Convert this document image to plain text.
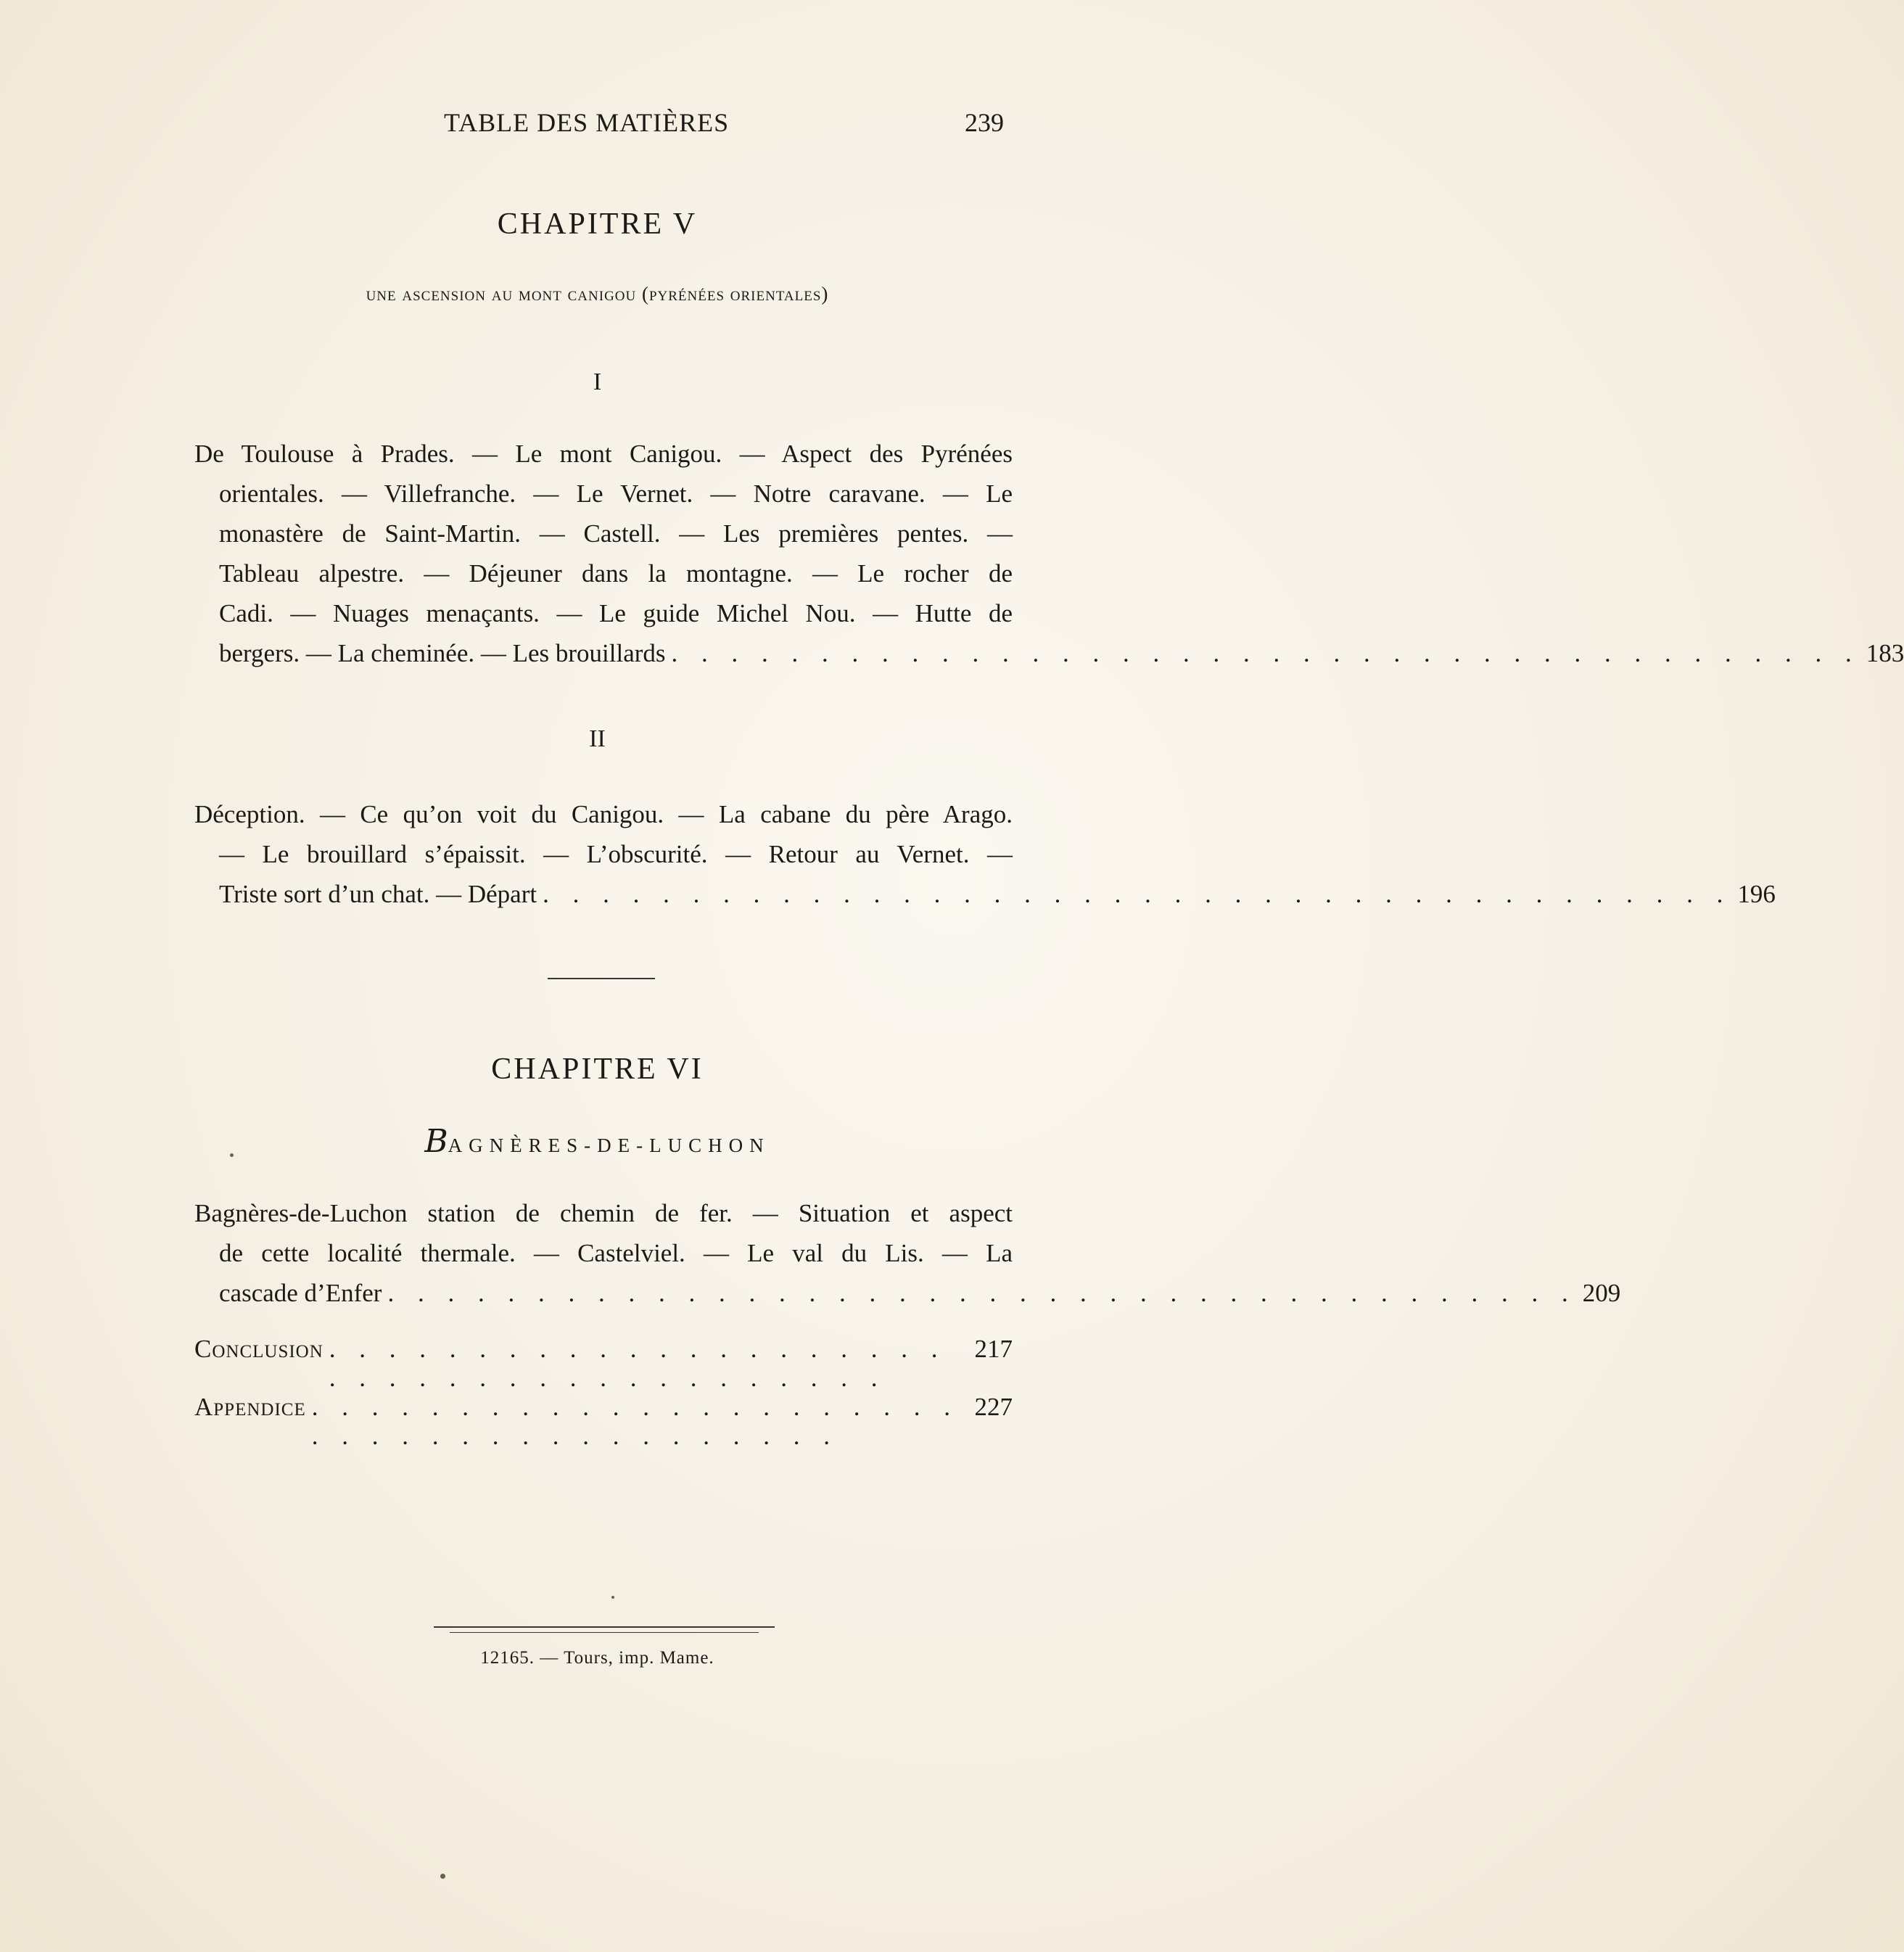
TABLE DES MATIÈRES	239
CHAPITRE V
une ascension au mont canigou (pyrénées orientales)
I
De Toulouse à Prades. — Le mont Canigou. — Aspect des Pyrénées
orientales. — Villefranche. — Le Vernet. — Notre caravane. — Le
monastère de Saint-Martin. — Castell. — Les premières pentes. —
Tableau alpestre. — Déjeuner dans la montagne. — Le rocher de
Cadi. — Nuages menaçants. — Le guide Michel Nou. — Hutte de
bergers. — La cheminée. — Les brouillards . . . . . . . . . . . . . . . . . . . . . . . . . . . . . . . . . . . . . . . . 183
II
Déception. — Ce qu’on voit du Canigou. — La cabane du père Arago.
— Le brouillard s’épaissit. — L’obscurité. — Retour au Vernet. —
Triste sort d’un chat. — Départ . . . . . . . . . . . . . . . . . . . . . . . . . . . . . . . . . . . . . . . . 196
CHAPITRE VI
BAGNÈRES-DE-LUCHON
Bagnères-de-Luchon station de chemin de fer. — Situation et aspect
de cette localité thermale. — Castelviel. — Le val du Lis. — La
cascade d’Enfer . . . . . . . . . . . . . . . . . . . . . . . . . . . . . . . . . . . . . . . . 209
Conclusion . . . . . . . . . . . . . . . . . . . . . . . . . . . . . . . . . . . . . . . .
217
Appendice . . . . . . . . . . . . . . . . . . . . . . . . . . . . . . . . . . . . . . . .
227
12165. — Tours, imp. Mame.
